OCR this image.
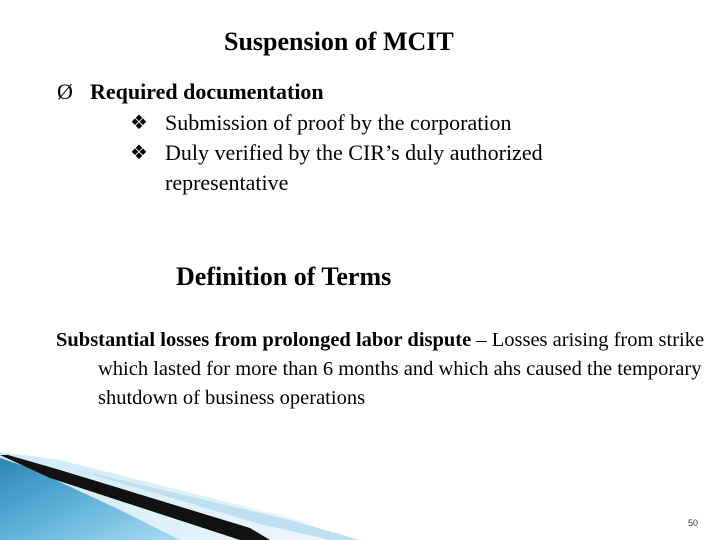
Suspension of MCIT
Ø Required documentation
❖ Submission of proof by the corporation
❖ Duly verified by the CIR’s duly authorized representative
Definition of Terms
Substantial losses from prolonged labor dispute – Losses arising from strike which lasted for more than 6 months and which ahs caused the temporary shutdown of business operations
50
